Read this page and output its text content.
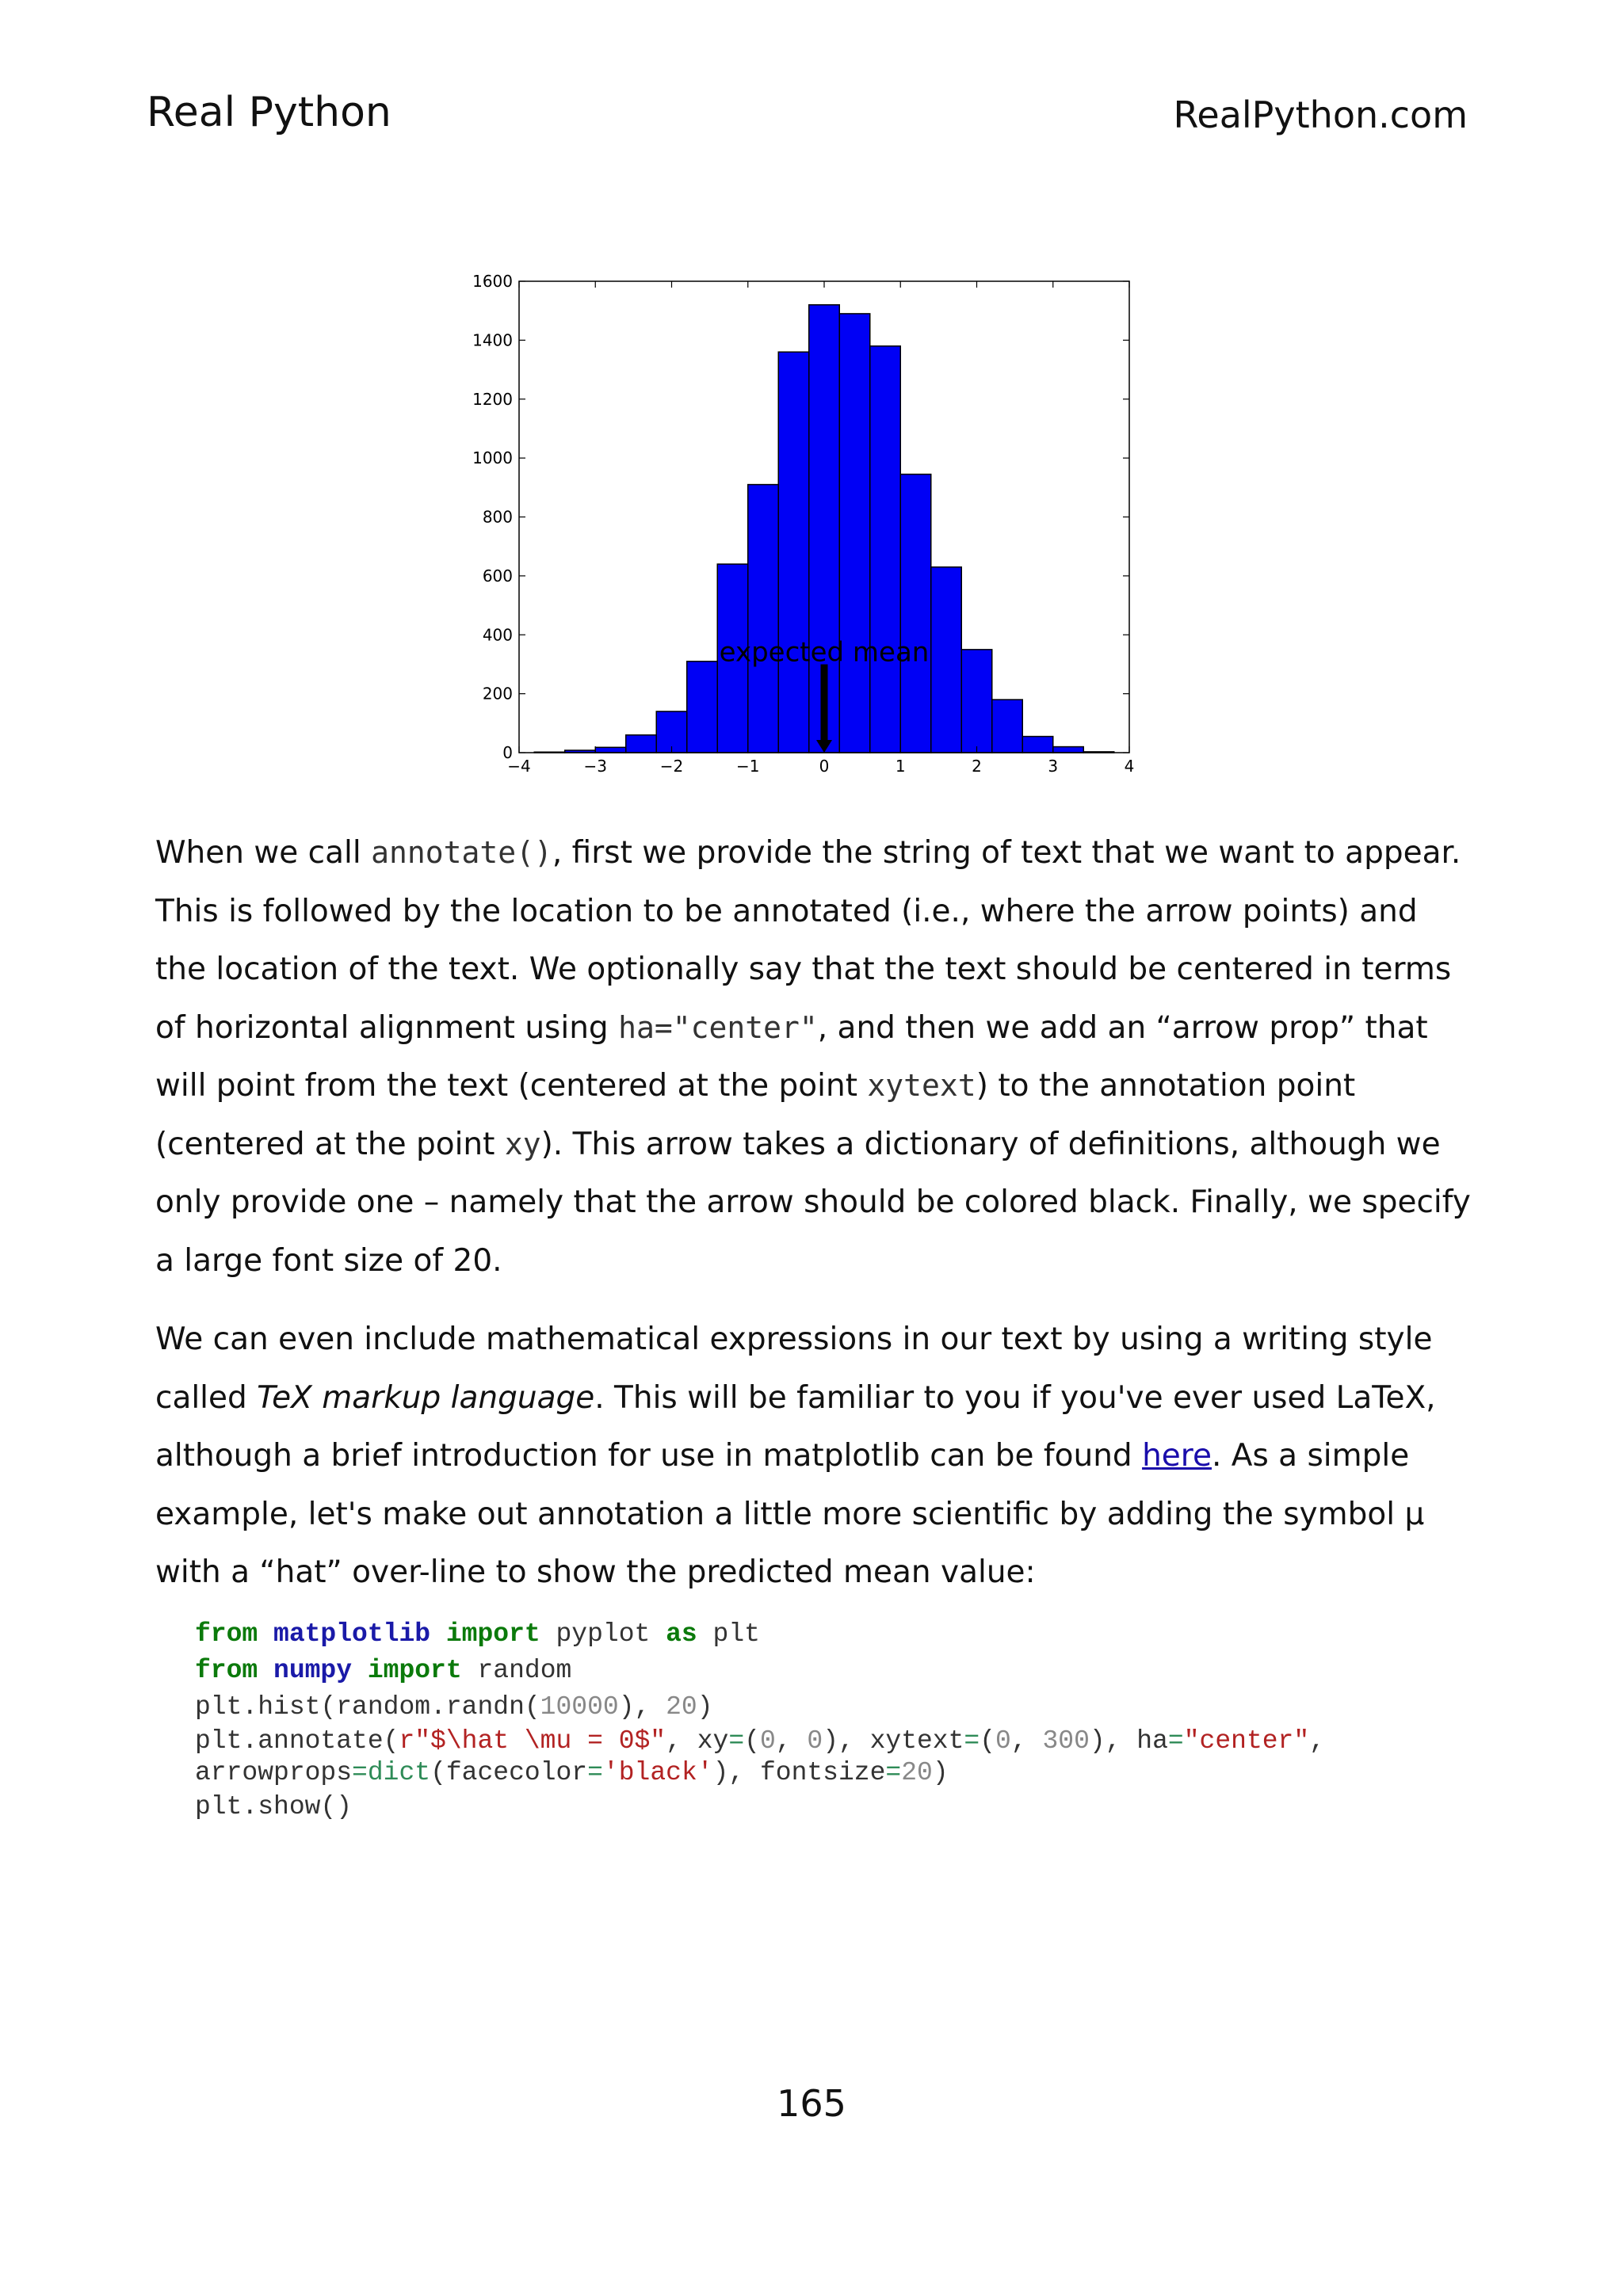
Real Python	RealPython.com
0
200
400
600
800
1000
1200
1400
1600
−4	−3	−2	−1	0	1	2	3	4
expected mean
When we call annotate(), first we provide the string of text that we want to appear. This is followed by the location to be annotated (i.e., where the arrow points) and the location of the text. We optionally say that the text should be centered in terms of horizontal alignment using ha="center", and then we add an “arrow prop” that will point from the text (centered at the point xytext) to the annotation point (centered at the point xy). This arrow takes a dictionary of definitions, although we only provide one – namely that the arrow should be colored black. Finally, we specify a large font size of 20.
We can even include mathematical expressions in our text by using a writing style called TeX markup language. This will be familiar to you if you've ever used LaTeX, although a brief introduction for use in matplotlib can be found here. As a simple example, let's make out annotation a little more scientific by adding the symbol μ with a “hat” over-line to show the predicted mean value:
from matplotlib import pyplot as plt
from numpy import random
plt.hist(random.randn(10000), 20)
plt.annotate(r"$\hat \mu = 0$", xy=(0, 0), xytext=(0, 300), ha="center",
arrowprops=dict(facecolor='black'), fontsize=20)
plt.show()
165
